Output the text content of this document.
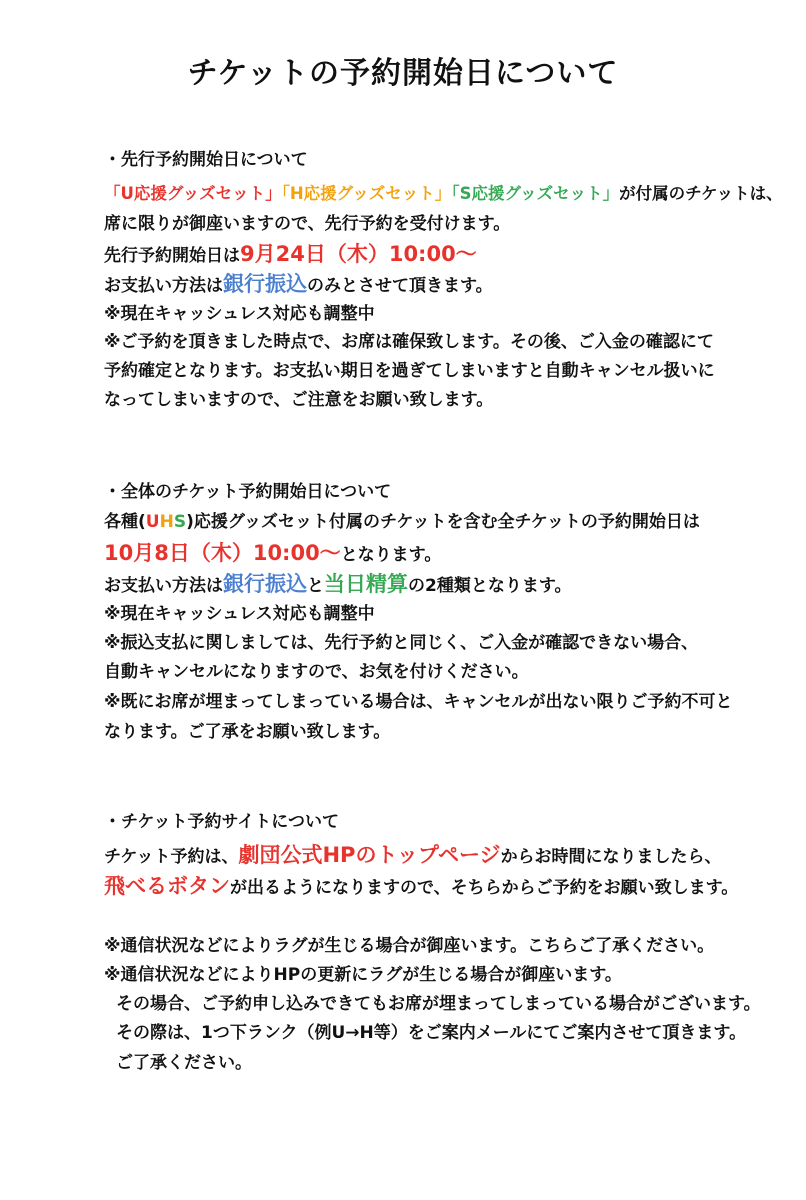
チケットの予約開始日について
・先行予約開始日について
「U応援グッズセット」「H応援グッズセット」「S応援グッズセット」が付属のチケットは、
席に限りが御座いますので、先行予約を受付けます。
先行予約開始日は9月24日（木）10:00～
お支払い方法は銀行振込のみとさせて頂きます。
※現在キャッシュレス対応も調整中
※ご予約を頂きました時点で、お席は確保致します。その後、ご入金の確認にて
予約確定となります。お支払い期日を過ぎてしまいますと自動キャンセル扱いに
なってしまいますので、ご注意をお願い致します。
・全体のチケット予約開始日について
各種(UHS)応援グッズセット付属のチケットを含む全チケットの予約開始日は
10月8日（木）10:00～となります。
お支払い方法は銀行振込と当日精算の2種類となります。
※現在キャッシュレス対応も調整中
※振込支払に関しましては、先行予約と同じく、ご入金が確認できない場合、
自動キャンセルになりますので、お気を付けください。
※既にお席が埋まってしまっている場合は、キャンセルが出ない限りご予約不可と
なります。ご了承をお願い致します。
・チケット予約サイトについて
チケット予約は、劇団公式HPのトップページからお時間になりましたら、
飛べるボタンが出るようになりますので、そちらからご予約をお願い致します。
※通信状況などによりラグが生じる場合が御座います。こちらご了承ください。
※通信状況などによりHPの更新にラグが生じる場合が御座います。
その場合、ご予約申し込みできてもお席が埋まってしまっている場合がございます。
その際は、1つ下ランク（例U→H等）をご案内メールにてご案内させて頂きます。
ご了承ください。
